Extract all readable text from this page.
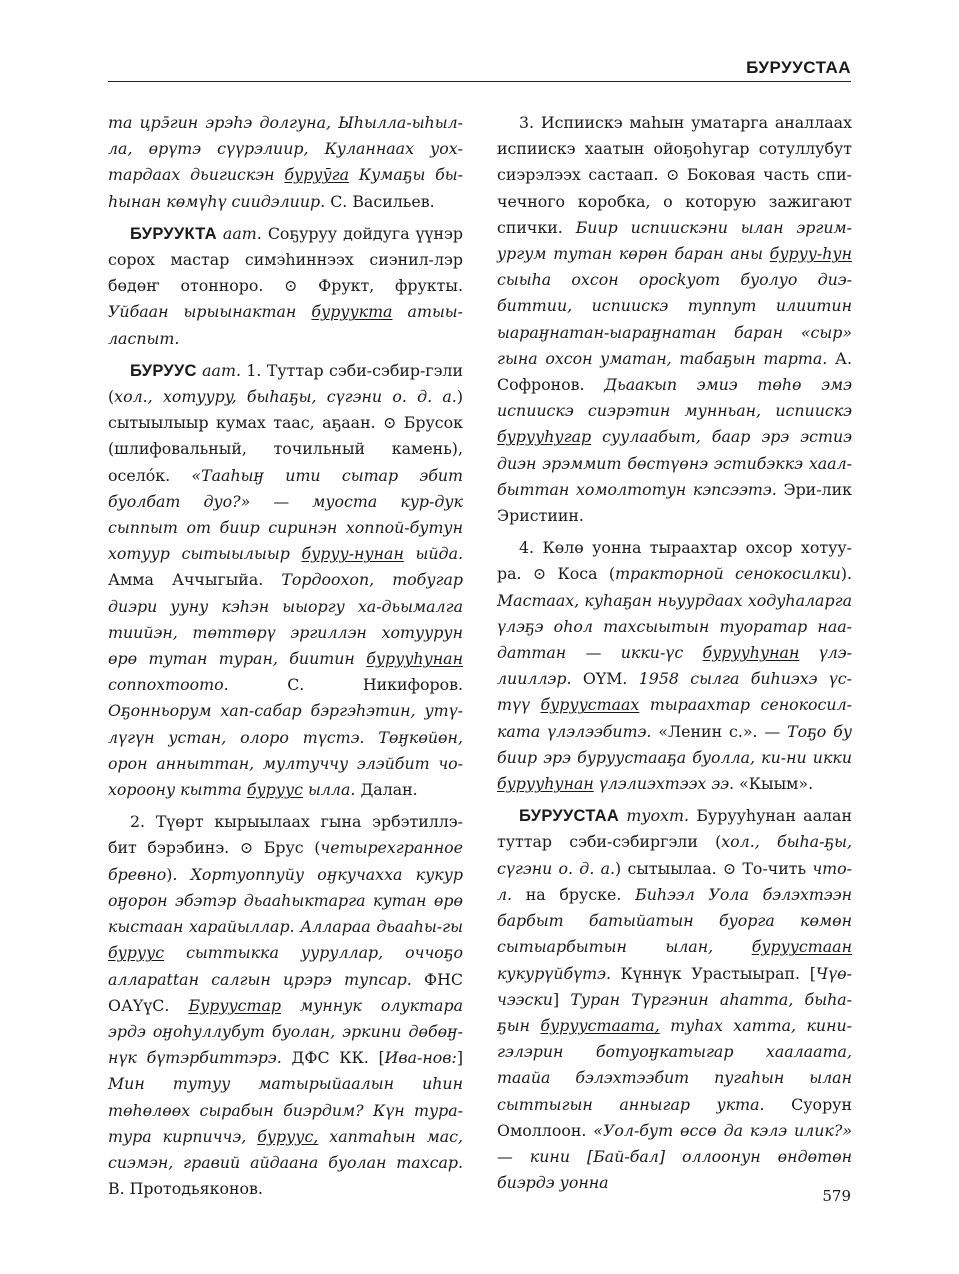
БУРУУСТАА

та црэ̄гин эрэhэ долгуна, Ыhылла-ыhыл-ла, өрүтэ сүүрэлиир, Куланнаах уох-тардаах дьигискэн буруӯга Кумаҕы бы-hынан көмүhү сиидэлиир. С. Васильев.

БУРУУКТА аат. Соҕуруу дойдуга үүнэр сорох мастар симэhиннээх сиэнил-лэр бөдөҥ отонноро. ⊙ Фрукт, фрукты. Уйбаан ырыынактан буруукта атыы-ласпыт.

БУРУУС аат. 1. Туттар сэби-сэбир-гэли (хол., хотуурy, быhаҕы, сүгэни о. д. а.) сытыылыыр кумах таас, аҕаан. ⊙ Брусок (шлифовальный, точильный камень), оселóк. «Тааhыӈ ити сытар эбит буолбат дуо?» — муоста кур-дук сыппыт от биир сиринэн хоппой-бутун хотуур сытыылыыр буруу-нунан ыйда. Амма Аччыгыйа. Тордоохоп, тобугар диэри ууну кэhэн ыыоргу ха-дьымалга тиийэн, төттөрү эргиллэн хотуурун өрө тутан туран, биитин бурууhунан соппохтоото.	С. Никифоров. Оҕонньорум хап-сабар бэргэhэтин, утү-лүгүн устан, олоро түстэ. Төӈкөйөн, орон анныттан, мултуччу элэйбит чо-хороону кытта буруус ылла. Далан.

2. Түөрт кырыылаах гына эрбэтиллэ-бит бэрэбинэ. ⊙ Брус (четырехгранное бревно). Хортуоппуйу оӈкучахха кукур оӈорон эбэтэр дьааhыктарга кутан өрө кыстаан харайыллар. Аллараа дьааhы-гы буруус сыттыкка ууруллар, оччоҕо алларattан салгын црэрэ тупсар. ФНС ОАҮүС. Бурууcтар муннук олуктара эрдэ оӈоhуллубут буолан, эркини дөбөӈ-нүк бүтэрбиттэрэ. ДФС КК. [Ива-нов:] Мин тутуу матырыйаалын иhин төhөлөөх сырабын биэрдим? Күн тура-тура кирпиччэ, буруус, хаптаhын мас, сиэмэн, гравий айдаана буолан тахсар. В. Протодьяконов.

3. Испиискэ маhын уматарга аналлаах испиискэ хаатын ойоҕоhугар сотуллубут сиэрэлээх састаап. ⊙ Боковая часть спи-чечного коробка, о которую зажигают спички. Биир испиискэни ылан эргим-ургум тутан көрөн баран аны буруу-hун сыыhа охсон оросkуот буолуо диэ-биттии, испиискэ туппут илиитин ыараӈнатан-ыараӈнатан баран «сыр» гына охсон уматан, табаҕын тарта. А. Софронов. Дьаакып эмиэ төhө эмэ испиискэ сиэрэтин мунньан, испиискэ бурууhугар суулаабыт, баар эрэ эстиэ диэн эрэммит бөстүөнэ эстибэккэ хаал-быттан хомолтотун кэпсээтэ. Эри-лик Эристиин.

4. Көлө уонна тыраахтар охсор хотуу-ра. ⊙ Коса (тракторной сенокосилки). Мастаах, куhаҕан ньуурдаах ходуhаларга үлэҕэ оhол тахсыытын туоратар наа-даттан — икки-үс бурууhунан үлэ-лииллэр. ОҮМ. 1958 сылга биhиэхэ үс-түү бурууcтаах тыраахтар сенокосил-ката үлэлээбитэ. «Ленин с.». — Тоҕо бу биир эрэ бурууcтааҕа буолла, ки-ни икки бурууhунан үлэлиэхтээх ээ. «Кыым».

БУРУУСТАА туохт. Бурууhунан аалан туттар сэби-сэбиргэли (хол., быhа-ҕы, сүгэни о. д. а.) сытыылаа. ⊙ То-чить что-л. на бруске. Биhээл Уола бэлэхтээн барбыт батыйатын буорга көмөн сытыарбытын ылан, бурууcтаан кукурүйбүтэ. Күннүк Урастыырап. [Чүө-чээски] Туран Түргэнин аhатта, быhа-ҕын бурууcтаата, туhах хатта, кини-гэлэрин ботуоӈкатыгар хаалаата, таайа бэлэхтээбит пугаhын ылан сыттыгын анныгар укта. Суорун Омоллоон. «Уол-бут өссө да кэлэ илик?» — кини [Бай-бал] оллоонун өндөтөн биэрдэ уонна

579
